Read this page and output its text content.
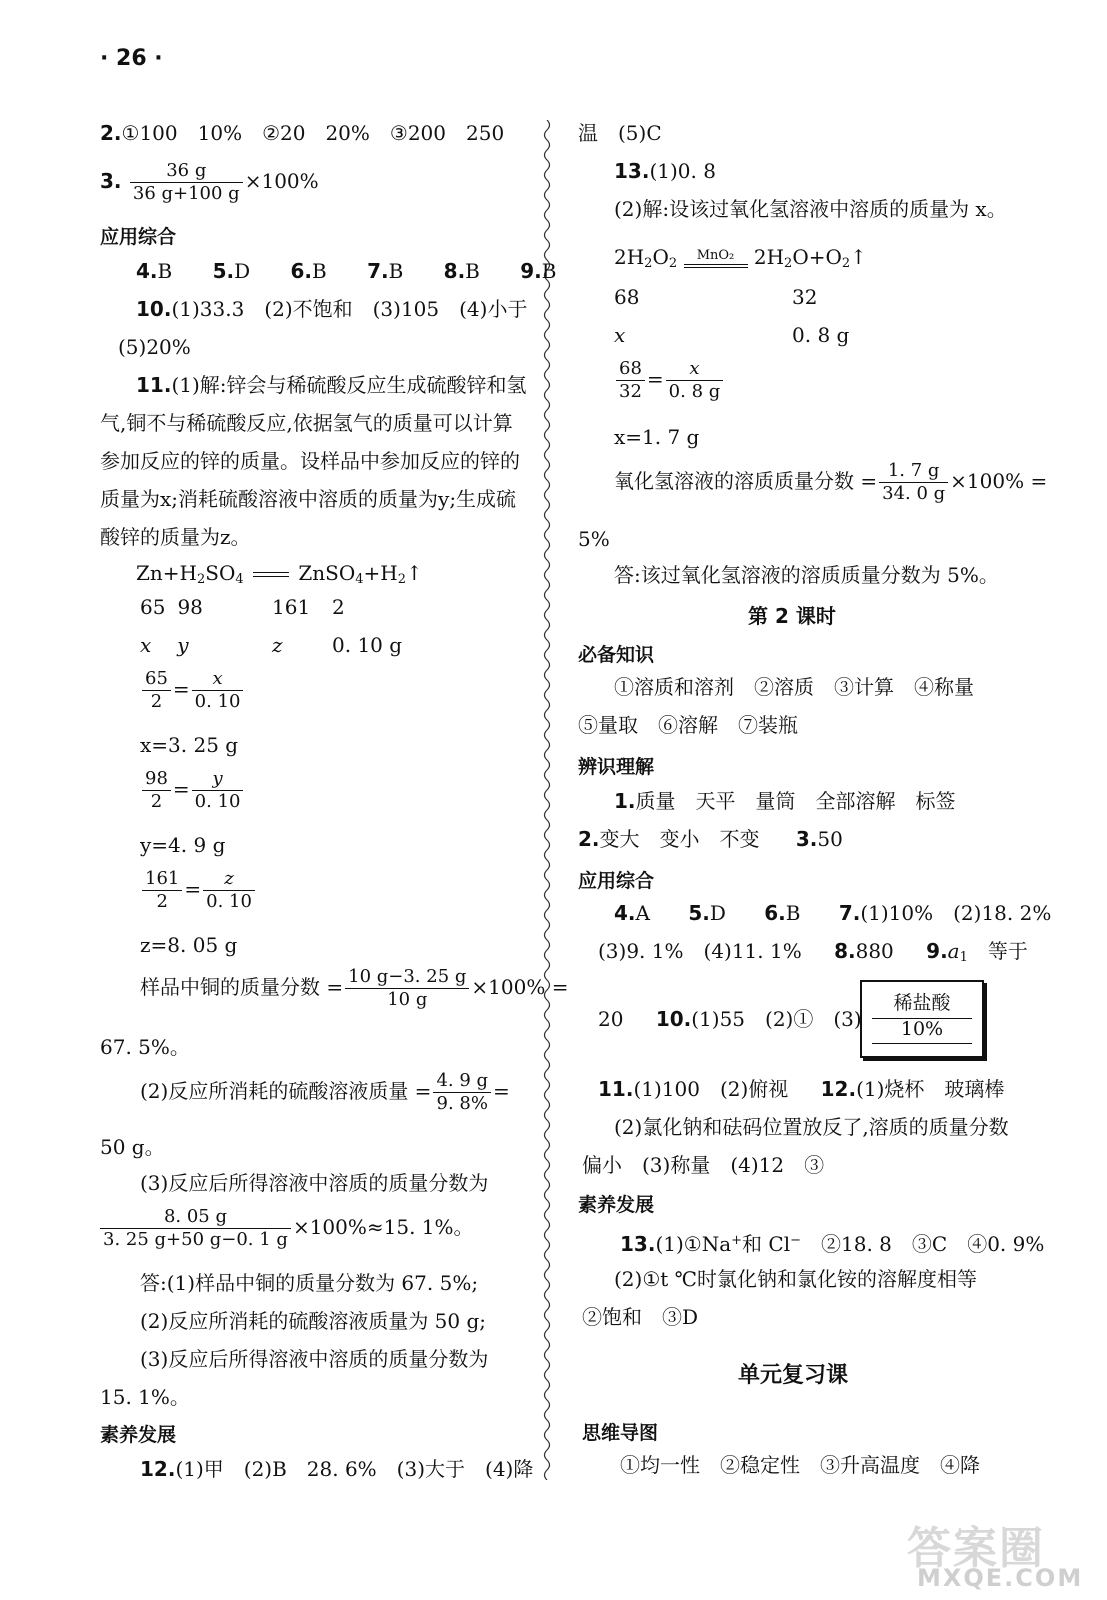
· 26 ·
2.①100　10%　②20　20%　③200　250
3. $\frac{36 g}{36 g+100 g} \times 100\%$
应用综合
4.B 5.D 6.B 7.B 8.B 9.B
10.(1)33.3　(2)不饱和　(3)105　(4)小于
(5)20%
11.(1)解:锌会与稀硫酸反应生成硫酸锌和氢
气,铜不与稀硫酸反应,依据氢气的质量可以计算
参加反应的锌的质量。设样品中参加反应的锌的
质量为x;消耗硫酸溶液中溶质的质量为y;生成硫
酸锌的质量为z。
$Zn+H_2SO_4$	$ZnSO_4+H_2↑$
65 98	161 2
x y	z 0. 10 g
$\frac{65}{2} = \frac{x}{0. 10}$
x=3. 25 g
$\frac{98}{2} = \frac{y}{0. 10}$
y=4. 9 g
$\frac{161}{2} = \frac{z}{0. 10}$
z=8. 05 g
样品中铜的质量分数 = $\frac{10 g-3. 25 g}{10 g} \times 100\%$ =
67. 5%。
(2)反应所消耗的硫酸溶液质量 = $\frac{4. 9 g}{9. 8\%}$ =
50 g。
(3)反应后所得溶液中溶质的质量分数为
$\frac{8. 05 g}{3. 25 g+50 g-0. 1 g} \times 100\%\approx 15$. 1%。
答:(1)样品中铜的质量分数为 67. 5%;
(2)反应所消耗的硫酸溶液质量为 50 g;
(3)反应后所得溶液中溶质的质量分数为
15. 1%。
素养发展
12.(1)甲　(2)B　28. 6%　(3)大于　(4)降
温　(5)C
13.(1)0. 8
(2)解:设该过氧化氢溶液中溶质的质量为 x。
$2H_2O_2$ MnO₂ $2H_2O+O_2↑$
68	32
x	0. 8 g
$\frac{68}{32} = \frac{x}{0. 8 g}$
x=1. 7 g
氧化氢溶液的溶质质量分数 = $\frac{1. 7 g}{34. 0 g} \times 100\%$ =
5%
答:该过氧化氢溶液的溶质质量分数为 5%。
第 2 课时
必备知识
①溶质和溶剂　②溶质　③计算　④称量
⑤量取　⑥溶解　⑦装瓶
辨识理解
1.质量　天平　量筒　全部溶解　标签
2.变大　变小　不变 3.50
应用综合
4.A 5.D 6.B 7.(1)10%　(2)18. 2%
(3)9. 1%　(4)11. 1% 8.880 $9.a_1$　等于
20 10.(1)55　(2)①　(3)
稀盐酸
10%
11.(1)100　(2)俯视 12.(1)烧杯　玻璃棒
(2)氯化钠和砝码位置放反了,溶质的质量分数
偏小　(3)称量　(4)12　③
素养发展
13.(1)①Na+和 Cl−　②18. 8　③C　④0. 9%
(2)①t ℃时氯化钠和氯化铵的溶解度相等
②饱和　③D
单元复习课
思维导图
①均一性　②稳定性　③升高温度　④降
答案圈
MXQE.COM
